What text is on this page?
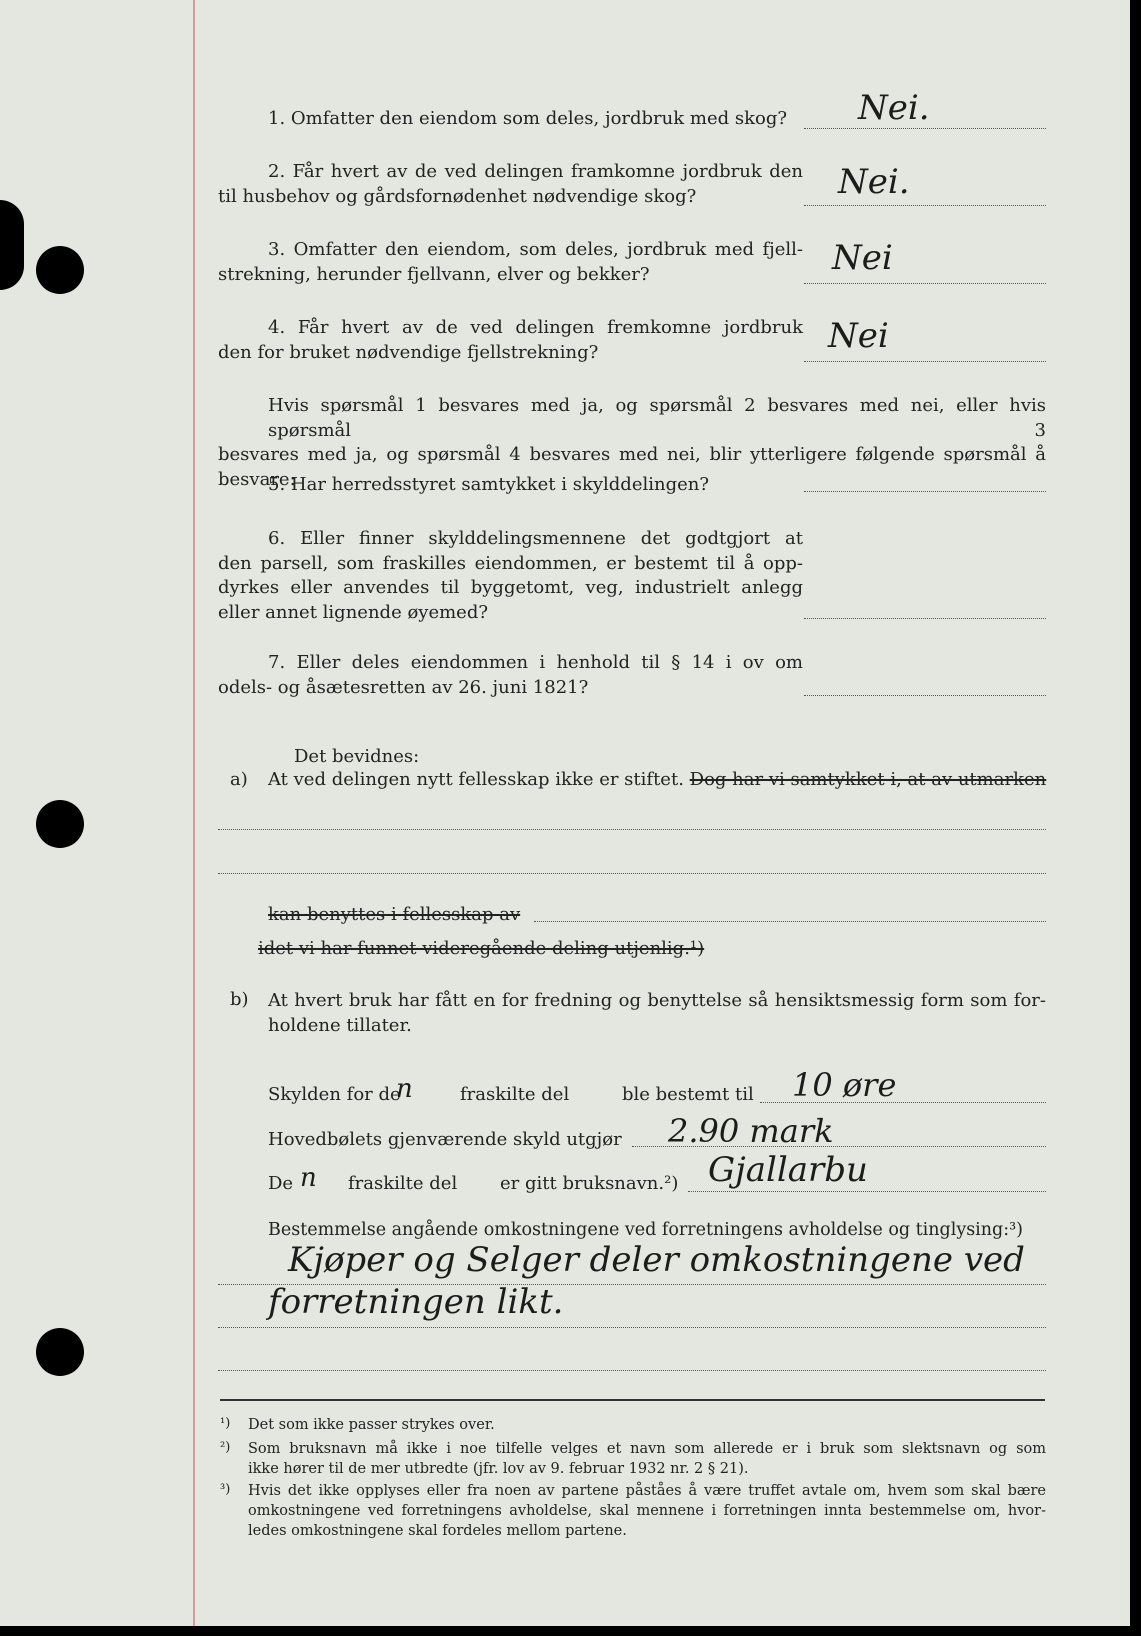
1. Omfatter den eiendom som deles, jordbruk med skog? Nei.
2. Får hvert av de ved delingen framkomne jordbruk den
til husbehov og gårdsfornødenhet nødvendige skog?	Nei.
3. Omfatter den eiendom, som deles, jordbruk med fjell-
strekning, herunder fjellvann, elver og bekker?	Nei
4. Får hvert av de ved delingen fremkomne jordbruk
den for bruket nødvendige fjellstrekning?	Nei
Hvis spørsmål 1 besvares med ja, og spørsmål 2 besvares med nei, eller hvis spørsmål 3
besvares med ja, og spørsmål 4 besvares med nei, blir ytterligere følgende spørsmål å besvare:
5. Har herredsstyret samtykket i skylddelingen?
6. Eller finner skylddelingsmennene det godtgjort at
den parsell, som fraskilles eiendommen, er bestemt til å opp-
dyrkes eller anvendes til byggetomt, veg, industrielt anlegg
eller annet lignende øyemed?
7. Eller deles eiendommen i henhold til § 14 i ov om
odels- og åsætesretten av 26. juni 1821?
Det bevidnes:
a) At ved delingen nytt fellesskap ikke er stiftet. Dog har vi samtykket i, at av utmarken
kan benyttes i fellesskap av
idet vi har funnet videregående deling utjenlig.¹)
b) At hvert bruk har fått en for fredning og benyttelse så hensiktsmessig form som for-
holdene tillater.
Skylden for de
n	fraskilte del	ble bestemt til 10 øre
Hovedbølets gjenværende skyld utgjør 2.90 mark
De n fraskilte del er gitt bruksnavn.²) Gjallarbu
Bestemmelse angående omkostningene ved forretningens avholdelse og tinglysing:³)
Kjøper og Selger deler omkostningene ved
forretningen likt.
¹) Det som ikke passer strykes over.
²) Som bruksnavn må ikke i noe tilfelle velges et navn som allerede er i bruk som slektsnavn og som
ikke hører til de mer utbredte (jfr. lov av 9. februar 1932 nr. 2 § 21).
³) Hvis det ikke opplyses eller fra noen av partene påståes å være truffet avtale om, hvem som skal bære
omkostningene ved forretningens avholdelse, skal mennene i forretningen innta bestemmelse om, hvor-
ledes omkostningene skal fordeles mellom partene.
